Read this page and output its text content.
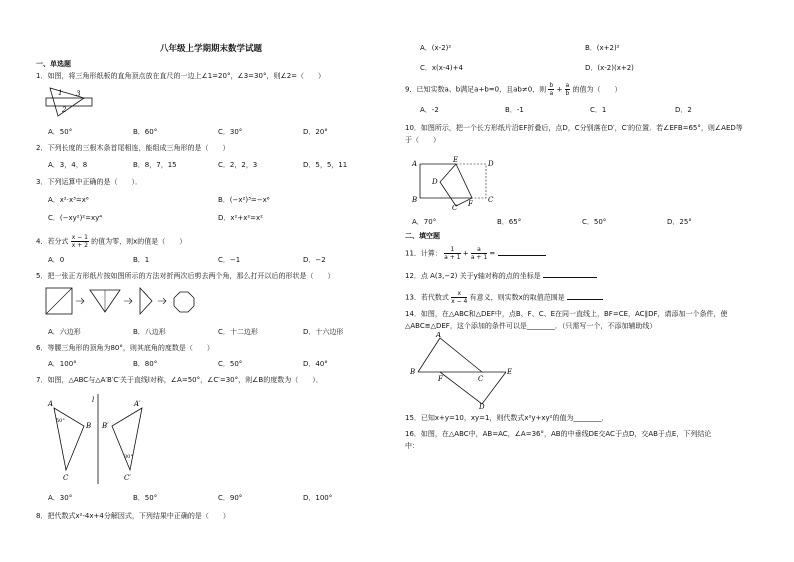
八年级上学期期末数学试题
一、单选题
1．如图，将三角形纸板的直角顶点放在直尺的一边上∠1=20°，∠3=30°，则∠2=（　　）
1 3
2
A．50°	B．60°	C．30°	D．20°
2．下列长度的三根木条首尾相连，能组成三角形的是（　　）
A．3，4，8	B．8，7，15	C．2，2，3	D．5，5，11
3．下列运算中正确的是（　　）．
A．x²·x³=x⁶	B．(−x²)³=−x⁶
C．(−xy²)²=xy⁴	D．x²+x²=x²
4．若分式 $\frac{x - 1}{x + 2}$ 的值为零，则x的值是（　　）
A．0	B．1	C．−1	D．−2
5．把一张正方形纸片按如图所示的方法对折两次后剪去两个角，那么打开以后的形状是（　　）
A．六边形	B．八边形	C．十二边形	D．十六边形
6．等腰三角形的顶角为80°，则其底角的度数是（　　）
A．100°	B．80°	C．50°	D．40°
7．如图，△ABC与△A′B′C′关于直线l对称，∠A=50°，∠C′=30°，则∠B的度数为（　　）．
A
50°
B
C
l	A′
B′
30°
C′
A．30°	B．50°	C．90°	D．100°
8．把代数式x²-4x+4分解因式，下列结果中正确的是（　　）
A．(x-2)²	B．(x+2)²
C．x(x-4)+4	D．(x-2)(x+2)
9．已知实数a、b满足a+b=0，且ab≠0，则 $\frac{b}{a} + \frac{a}{b}$ 的值为（　　）
A．-2	B．-1	C．1	D．2
10．如图所示，把一个长方形纸片沿EF折叠后，点D，C分别落在D′，C′的位置．若∠EFB=65°，则∠AED等
于（　　）
A	E	D
D
B	C
F
C
A．70°	B．65°	C．50°	D．25°
二、填空题
11．计算： $\frac{1}{a + 1} + \frac{a}{a + 1}$ =
12．点 A(3,−2) 关于y轴对称的点的坐标是
13．若代数式 $\frac{x}{x - 4}$ 有意义，则实数x的取值范围是
14．如图，在△ABC和△DEF中，点B、F、C、E在同一直线上，BF=CE，AC∥DF，请添加一个条件，使
△ABC≌△DEF，这个添加的条件可以是________．（只需写一个，不添加辅助线）
A
B
F	C
E
D
15．已知x+y=10，xy=1，则代数式x²y+xy²的值为________．
16．如图，在△ABC中，AB=AC，∠A=36°，AB的中垂线DE交AC于点D，交AB于点E，下列结论
中：
